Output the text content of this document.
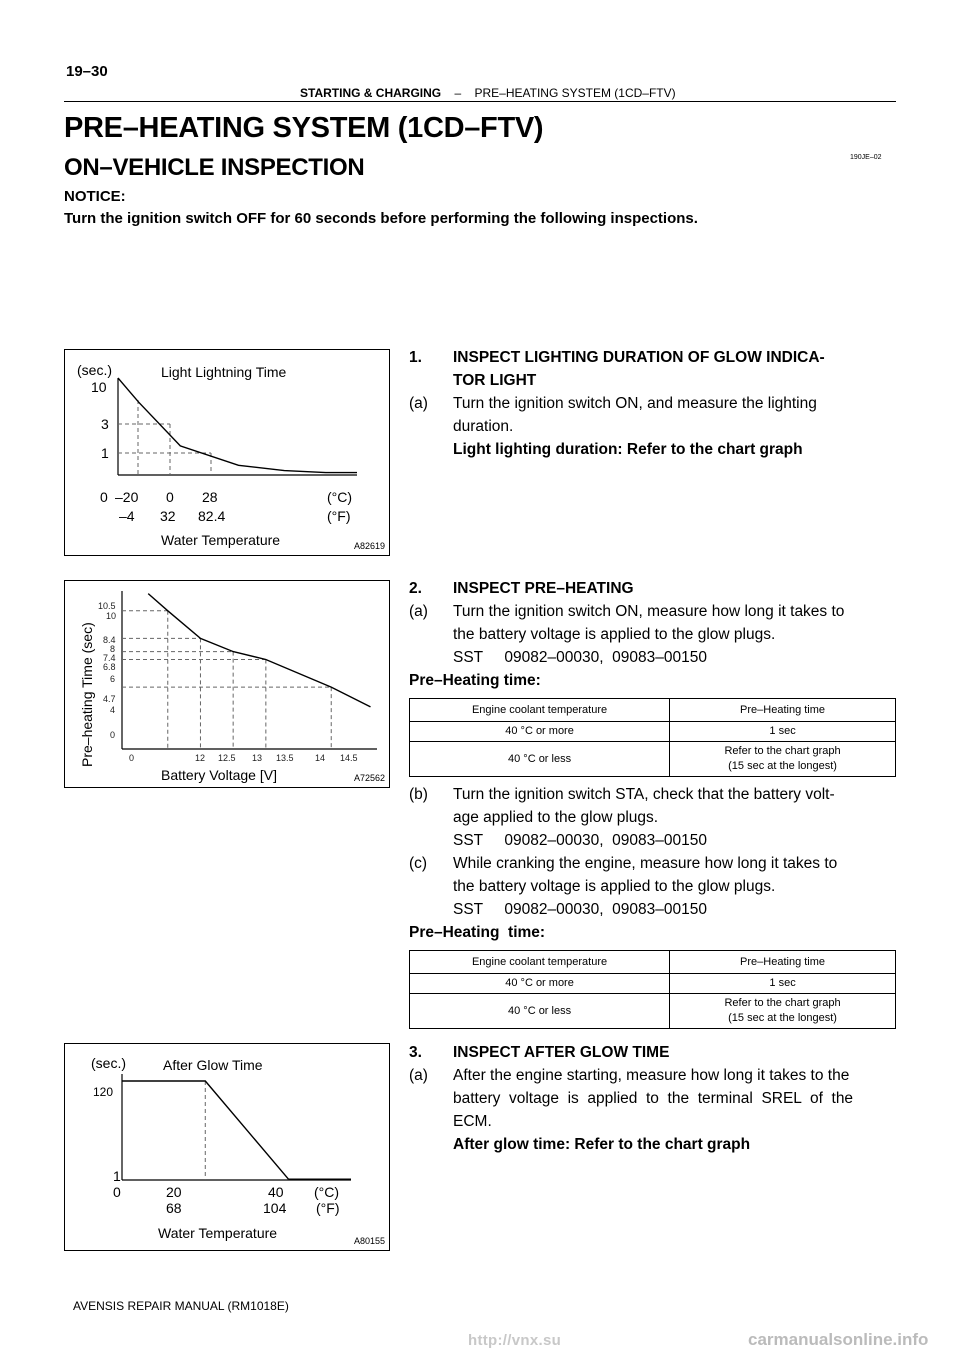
19–30
STARTING & CHARGING – PRE–HEATING SYSTEM (1CD–FTV)
PRE–HEATING SYSTEM (1CD–FTV)
ON–VEHICLE INSPECTION	190JE–02
NOTICE:
Turn the ignition switch OFF for 60 seconds before performing the following inspections.
(sec.)	Light Lightning Time
10
3
1
0 –20 0 28
–4 32 82.4
(°C)
(°F)
Water Temperature	A82619
10.5
10
8.4
8
7.4
6.8
6
4.7
4
0
0	12 12.5 13 13.5 14 14.5
Battery Voltage [V]
Pre–heating Time (sec)
A72562
(sec.)	After Glow Time
120
1
0	20	40
68	104
(°C)
(°F)
Water Temperature	A80155
1.	INSPECT LIGHTING DURATION OF GLOW INDICA-
TOR LIGHT
(a)	Turn the ignition switch ON, and measure the lighting
duration.
Light lighting duration: Refer to the chart graph
2.	INSPECT PRE–HEATING
(a)	Turn the ignition switch ON, measure how long it takes to
the battery voltage is applied to the glow plugs.
SST     09082–00030,  09083–00150
Pre–Heating time:
Engine coolant temperature	Pre–Heating time
40 °C or more	1 sec
40 °C or less	Refer to the chart graph
(15 sec at the longest)
(b)	Turn the ignition switch STA, check that the battery volt-
age applied to the glow plugs.
SST     09082–00030,  09083–00150
(c)	While cranking the engine, measure how long it takes to
the battery voltage is applied to the glow plugs.
SST     09082–00030,  09083–00150
Pre–Heating  time:
Engine coolant temperature	Pre–Heating time
40 °C or more	1 sec
40 °C or less	Refer to the chart graph
(15 sec at the longest)
3.	INSPECT AFTER GLOW TIME
(a)	After the engine starting, measure how long it takes to the
battery  voltage  is  applied  to  the  terminal  SREL  of  the
ECM.
After glow time: Refer to the chart graph
AVENSIS REPAIR MANUAL (RM1018E)
http://vnx.su	carmanualsonline.info
